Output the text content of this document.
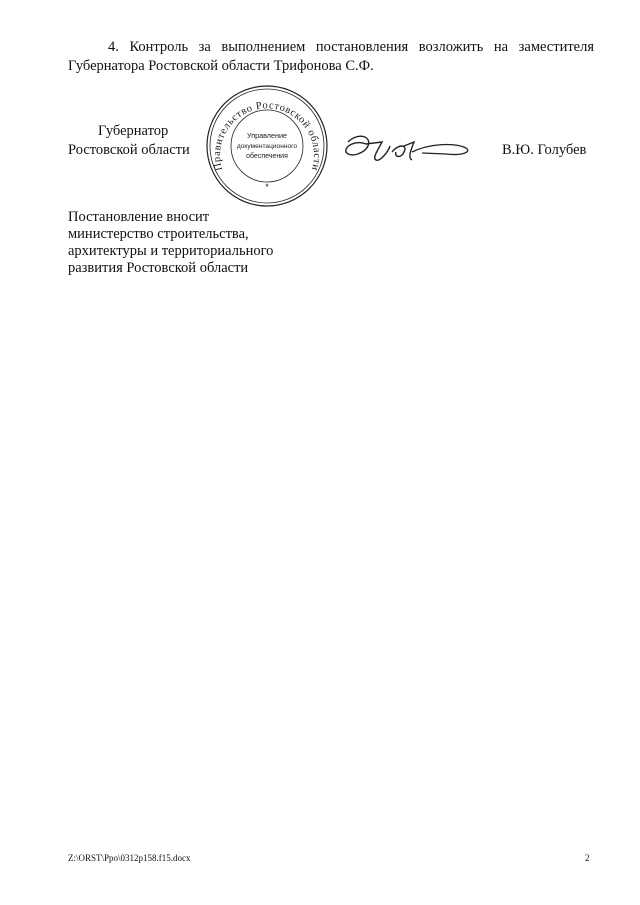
4. Контроль за выполнением постановления возложить на заместителя Губернатора Ростовской области Трифонова С.Ф.
Губернатор
Ростовской области
Правительство Ростовской области
Управление
документационного
обеспечения
*
В.Ю. Голубев
Постановление вносит
министерство строительства,
архитектуры и территориального
развития Ростовской области
Z:\ORST\Ppo\0312p158.f15.docx	2
